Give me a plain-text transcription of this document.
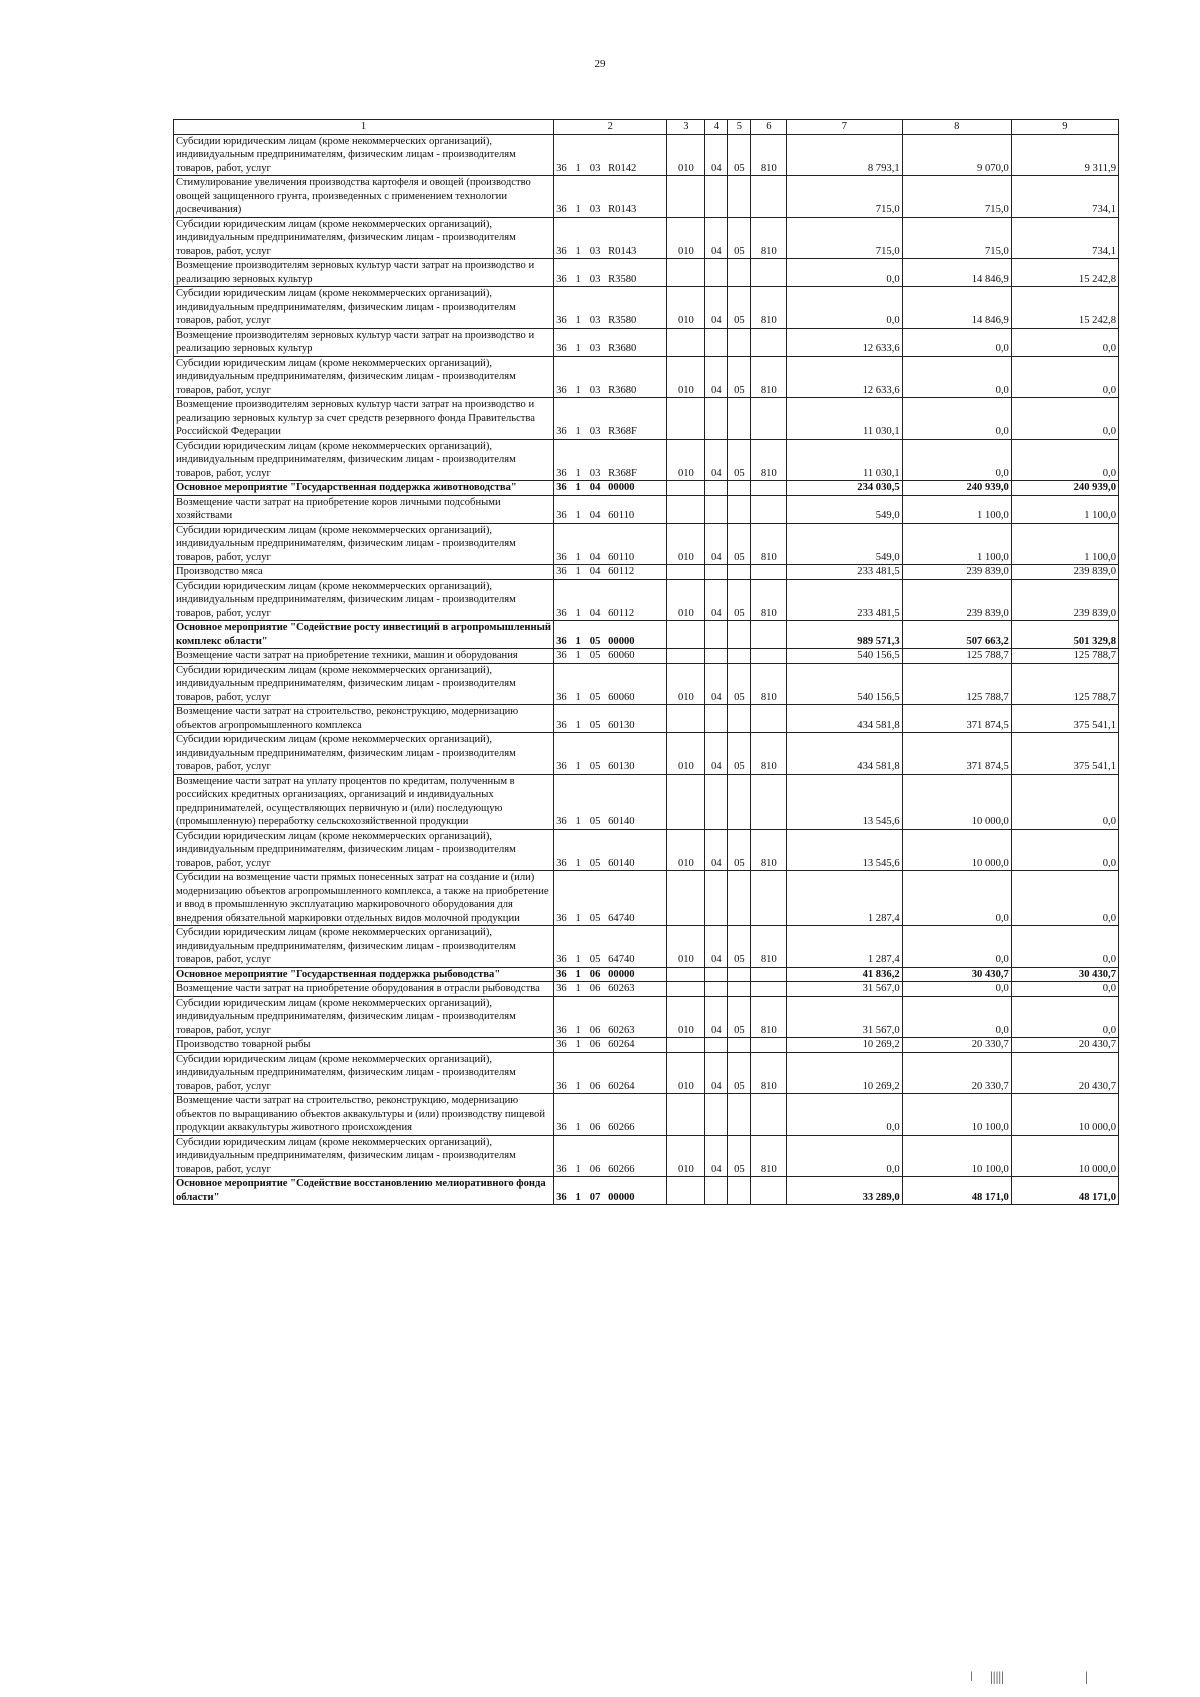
29
1	2	3	4	5	6	7	8	9
Субсидии юридическим лицам (кроме некоммерческих организаций), индивидуальным предпринимателям, физическим лицам - производителям товаров, работ, услуг	36 1 03 R0142	010	04	05	810	8 793,1	9 070,0	9 311,9
Стимулирование увеличения производства картофеля и овощей (производство овощей защищенного грунта, произведенных с применением технологии досвечивания)	36 1 03 R0143					715,0	715,0	734,1
Субсидии юридическим лицам (кроме некоммерческих организаций), индивидуальным предпринимателям, физическим лицам - производителям товаров, работ, услуг	36 1 03 R0143	010	04	05	810	715,0	715,0	734,1
Возмещение производителям зерновых культур части затрат на производство и реализацию зерновых культур	36 1 03 R3580					0,0	14 846,9	15 242,8
Субсидии юридическим лицам (кроме некоммерческих организаций), индивидуальным предпринимателям, физическим лицам - производителям товаров, работ, услуг	36 1 03 R3580	010	04	05	810	0,0	14 846,9	15 242,8
Возмещение производителям зерновых культур части затрат на производство и реализацию зерновых культур	36 1 03 R3680					12 633,6	0,0	0,0
Субсидии юридическим лицам (кроме некоммерческих организаций), индивидуальным предпринимателям, физическим лицам - производителям товаров, работ, услуг	36 1 03 R3680	010	04	05	810	12 633,6	0,0	0,0
Возмещение производителям зерновых культур части затрат на производство и реализацию зерновых культур за счет средств резервного фонда Правительства Российской Федерации	36 1 03 R368F					11 030,1	0,0	0,0
Субсидии юридическим лицам (кроме некоммерческих организаций), индивидуальным предпринимателям, физическим лицам - производителям товаров, работ, услуг	36 1 03 R368F	010	04	05	810	11 030,1	0,0	0,0
Основное мероприятие "Государственная поддержка животноводства"	36 1 04 00000					234 030,5	240 939,0	240 939,0
Возмещение части затрат на приобретение коров личными подсобными хозяйствами	36 1 04 60110					549,0	1 100,0	1 100,0
Субсидии юридическим лицам (кроме некоммерческих организаций), индивидуальным предпринимателям, физическим лицам - производителям товаров, работ, услуг	36 1 04 60110	010	04	05	810	549,0	1 100,0	1 100,0
Производство мяса	36 1 04 60112					233 481,5	239 839,0	239 839,0
Субсидии юридическим лицам (кроме некоммерческих организаций), индивидуальным предпринимателям, физическим лицам - производителям товаров, работ, услуг	36 1 04 60112	010	04	05	810	233 481,5	239 839,0	239 839,0
Основное мероприятие "Содействие росту инвестиций в агропромышленный комплекс области"	36 1 05 00000					989 571,3	507 663,2	501 329,8
Возмещение части затрат на приобретение техники, машин и оборудования	36 1 05 60060					540 156,5	125 788,7	125 788,7
Субсидии юридическим лицам (кроме некоммерческих организаций), индивидуальным предпринимателям, физическим лицам - производителям товаров, работ, услуг	36 1 05 60060	010	04	05	810	540 156,5	125 788,7	125 788,7
Возмещение части затрат на строительство, реконструкцию, модернизацию объектов агропромышленного комплекса	36 1 05 60130					434 581,8	371 874,5	375 541,1
Субсидии юридическим лицам (кроме некоммерческих организаций), индивидуальным предпринимателям, физическим лицам - производителям товаров, работ, услуг	36 1 05 60130	010	04	05	810	434 581,8	371 874,5	375 541,1
Возмещение части затрат на уплату процентов по кредитам, полученным в российских кредитных организациях, организаций и индивидуальных предпринимателей, осуществляющих первичную и (или) последующую (промышленную) переработку сельскохозяйственной продукции	36 1 05 60140					13 545,6	10 000,0	0,0
Субсидии юридическим лицам (кроме некоммерческих организаций), индивидуальным предпринимателям, физическим лицам - производителям товаров, работ, услуг	36 1 05 60140	010	04	05	810	13 545,6	10 000,0	0,0
Субсидии на возмещение части прямых понесенных затрат на создание и (или) модернизацию объектов агропромышленного комплекса, а также на приобретение и ввод в промышленную эксплуатацию маркировочного оборудования для внедрения обязательной маркировки отдельных видов молочной продукции	36 1 05 64740					1 287,4	0,0	0,0
Субсидии юридическим лицам (кроме некоммерческих организаций), индивидуальным предпринимателям, физическим лицам - производителям товаров, работ, услуг	36 1 05 64740	010	04	05	810	1 287,4	0,0	0,0
Основное мероприятие "Государственная поддержка рыбоводства"	36 1 06 00000					41 836,2	30 430,7	30 430,7
Возмещение части затрат на приобретение оборудования в отрасли рыбоводства	36 1 06 60263					31 567,0	0,0	0,0
Субсидии юридическим лицам (кроме некоммерческих организаций), индивидуальным предпринимателям, физическим лицам - производителям товаров, работ, услуг	36 1 06 60263	010	04	05	810	31 567,0	0,0	0,0
Производство товарной рыбы	36 1 06 60264					10 269,2	20 330,7	20 430,7
Субсидии юридическим лицам (кроме некоммерческих организаций), индивидуальным предпринимателям, физическим лицам - производителям товаров, работ, услуг	36 1 06 60264	010	04	05	810	10 269,2	20 330,7	20 430,7
Возмещение части затрат на строительство, реконструкцию, модернизацию объектов по выращиванию объектов аквакультуры и (или) производству пищевой продукции аквакультуры животного происхождения	36 1 06 60266					0,0	10 100,0	10 000,0
Субсидии юридическим лицам (кроме некоммерческих организаций), индивидуальным предпринимателям, физическим лицам - производителям товаров, работ, услуг	36 1 06 60266	010	04	05	810	0,0	10 100,0	10 000,0
Основное мероприятие "Содействие восстановлению мелиоративного фонда области"	36 1 07 00000					33 289,0	48 171,0	48 171,0
ǀ |||||	|
